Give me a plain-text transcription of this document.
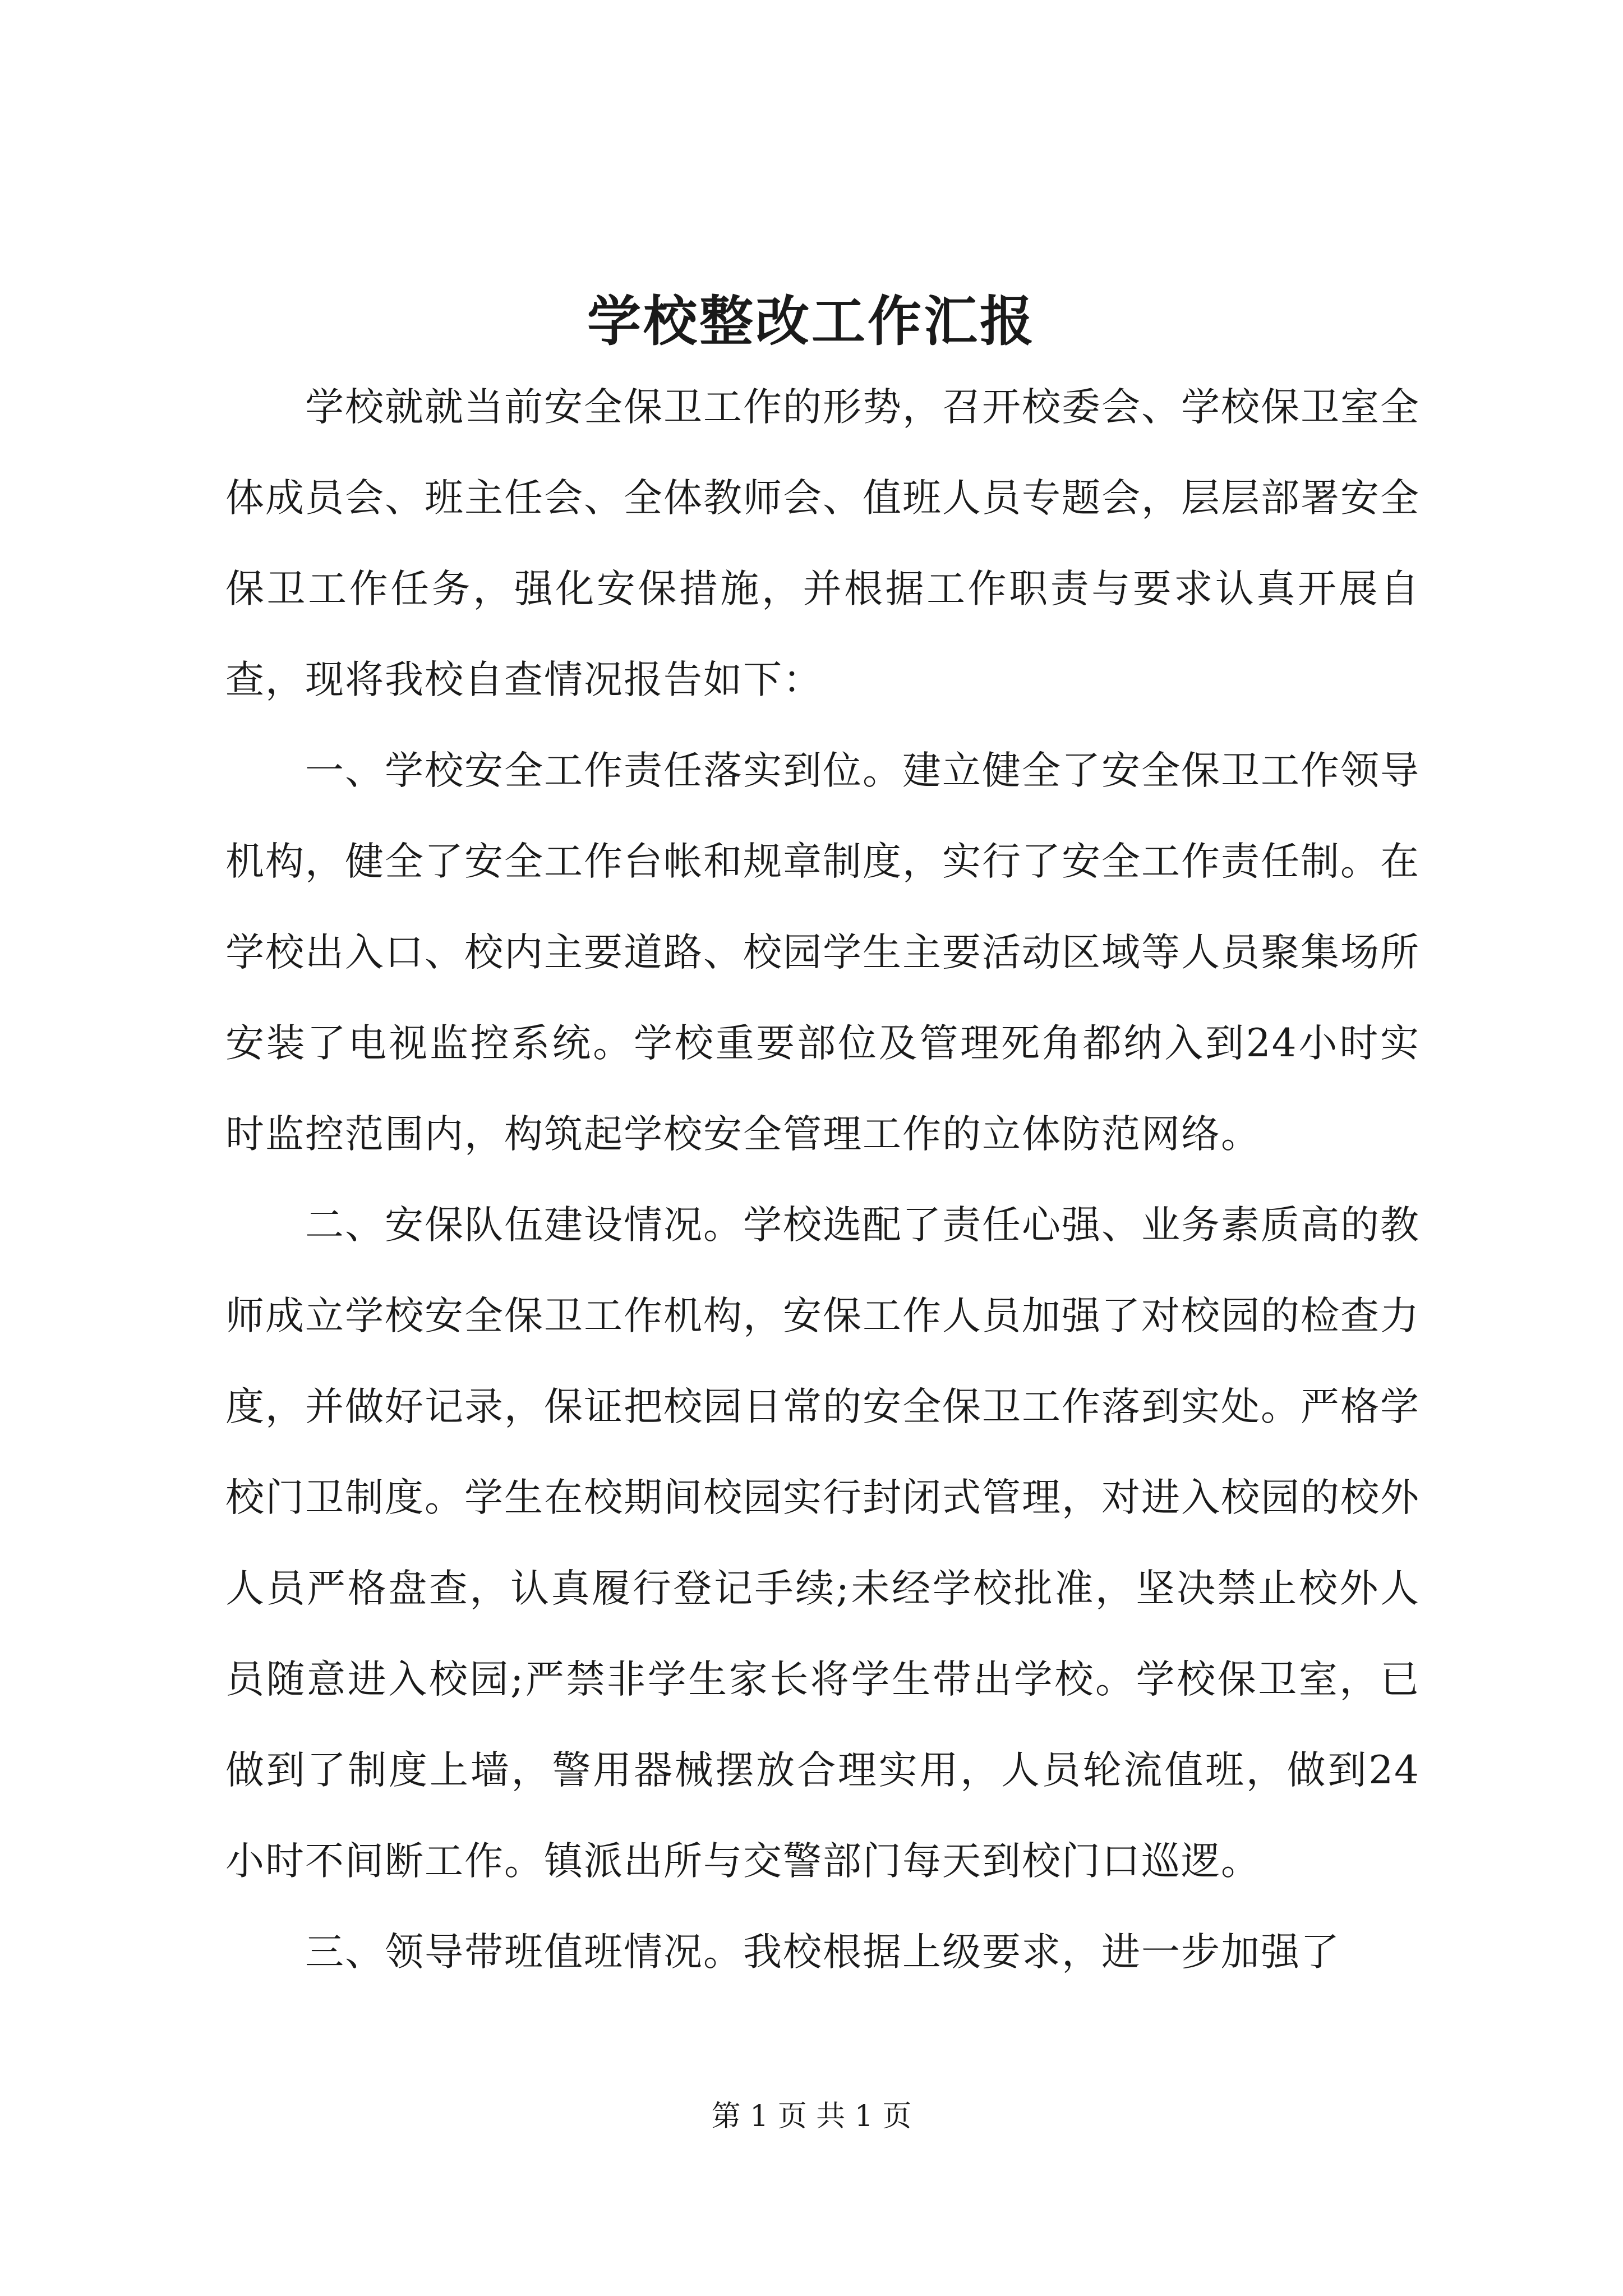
学校整改工作汇报

学校就就当前安全保卫工作的形势，召开校委会、学校保卫室全体成员会、班主任会、全体教师会、值班人员专题会，层层部署安全保卫工作任务，强化安保措施，并根据工作职责与要求认真开展自查，现将我校自查情况报告如下：

一、学校安全工作责任落实到位。建立健全了安全保卫工作领导机构，健全了安全工作台帐和规章制度，实行了安全工作责任制。在学校出入口、校内主要道路、校园学生主要活动区域等人员聚集场所安装了电视监控系统。学校重要部位及管理死角都纳入到24小时实时监控范围内，构筑起学校安全管理工作的立体防范网络。

二、安保队伍建设情况。学校选配了责任心强、业务素质高的教师成立学校安全保卫工作机构，安保工作人员加强了对校园的检查力度，并做好记录，保证把校园日常的安全保卫工作落到实处。严格学校门卫制度。学生在校期间校园实行封闭式管理，对进入校园的校外人员严格盘查，认真履行登记手续;未经学校批准，坚决禁止校外人员随意进入校园;严禁非学生家长将学生带出学校。学校保卫室，已做到了制度上墙，警用器械摆放合理实用，人员轮流值班，做到24小时不间断工作。镇派出所与交警部门每天到校门口巡逻。

三、领导带班值班情况。我校根据上级要求，进一步加强了

第 1 页 共 1 页
